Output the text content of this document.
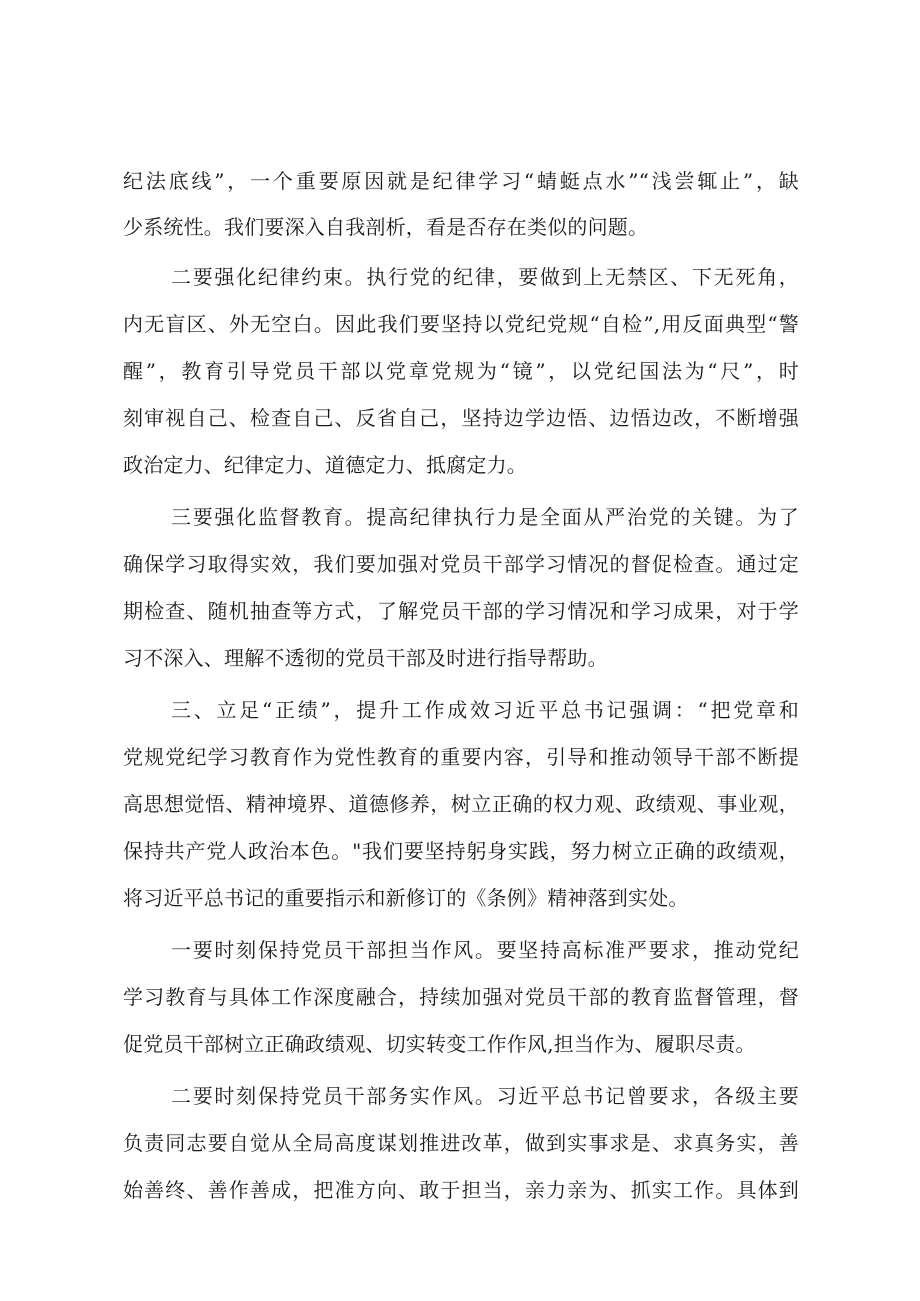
纪法底线”，一个重要原因就是纪律学习“蜻蜓点水”“浅尝辄止”，缺
少系统性。我们要深入自我剖析，看是否存在类似的问题。
二要强化纪律约束。执行党的纪律，要做到上无禁区、下无死角，
内无盲区、外无空白。因此我们要坚持以党纪党规“自检”,用反面典型“警
醒”，教育引导党员干部以党章党规为“镜”，以党纪国法为“尺”，时
刻审视自己、检查自己、反省自己，坚持边学边悟、边悟边改，不断增强
政治定力、纪律定力、道德定力、抵腐定力。
三要强化监督教育。提高纪律执行力是全面从严治党的关键。为了
确保学习取得实效，我们要加强对党员干部学习情况的督促检查。通过定
期检查、随机抽查等方式，了解党员干部的学习情况和学习成果，对于学
习不深入、理解不透彻的党员干部及时进行指导帮助。
三、立足“正绩”，提升工作成效习近平总书记强调：“把党章和
党规党纪学习教育作为党性教育的重要内容，引导和推动领导干部不断提
高思想觉悟、精神境界、道德修养，树立正确的权力观、政绩观、事业观，
保持共产党人政治本色。"我们要坚持躬身实践，努力树立正确的政绩观，
将习近平总书记的重要指示和新修订的《条例》精神落到实处。
一要时刻保持党员干部担当作风。要坚持高标准严要求，推动党纪
学习教育与具体工作深度融合，持续加强对党员干部的教育监督管理，督
促党员干部树立正确政绩观、切实转变工作作风,担当作为、履职尽责。
二要时刻保持党员干部务实作风。习近平总书记曾要求，各级主要
负责同志要自觉从全局高度谋划推进改革，做到实事求是、求真务实，善
始善终、善作善成，把准方向、敢于担当，亲力亲为、抓实工作。具体到
